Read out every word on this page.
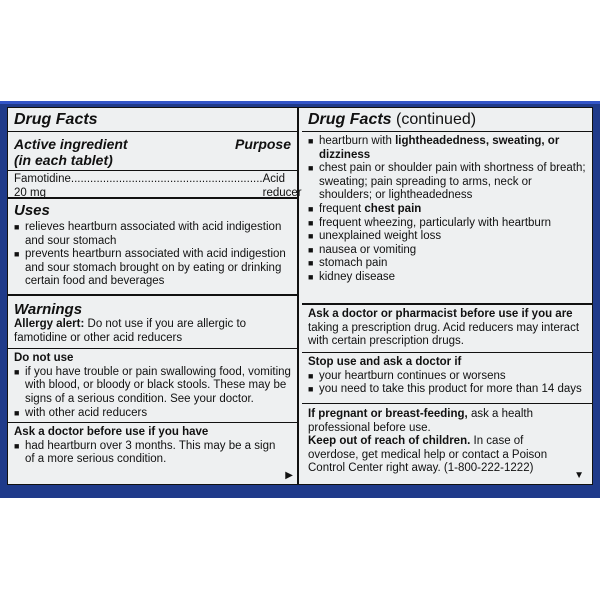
Drug Facts
Active ingredient
(in each tablet)
Purpose
Famotidine 20 mg
............................................................ Acid reducer
Uses
■ relieves heartburn associated with acid indigestion and sour stomach
■ prevents heartburn associated with acid indigestion and sour stomach brought on by eating or drinking certain food and beverages
Warnings
Allergy alert: Do not use if you are allergic to famotidine or other acid reducers
Do not use
■ if you have trouble or pain swallowing food, vomiting with blood, or bloody or black stools. These may be signs of a serious condition. See your doctor.
■ with other acid reducers
Ask a doctor before use if you have
■ had heartburn over 3 months. This may be a sign of a more serious condition.
▶
Drug Facts (continued)
■ heartburn with lightheadedness, sweating, or dizziness
■ chest pain or shoulder pain with shortness of breath; sweating; pain spreading to arms, neck or shoulders; or lightheadedness
■ frequent chest pain
■ frequent wheezing, particularly with heartburn
■ unexplained weight loss
■ nausea or vomiting
■ stomach pain
■ kidney disease
Ask a doctor or pharmacist before use if you are
taking a prescription drug. Acid reducers may interact with certain prescription drugs.
Stop use and ask a doctor if
■ your heartburn continues or worsens
■ you need to take this product for more than 14 days
If pregnant or breast-feeding, ask a health professional before use.
Keep out of reach of children. In case of overdose, get medical help or contact a Poison Control Center right away. (1-800-222-1222)
▼
